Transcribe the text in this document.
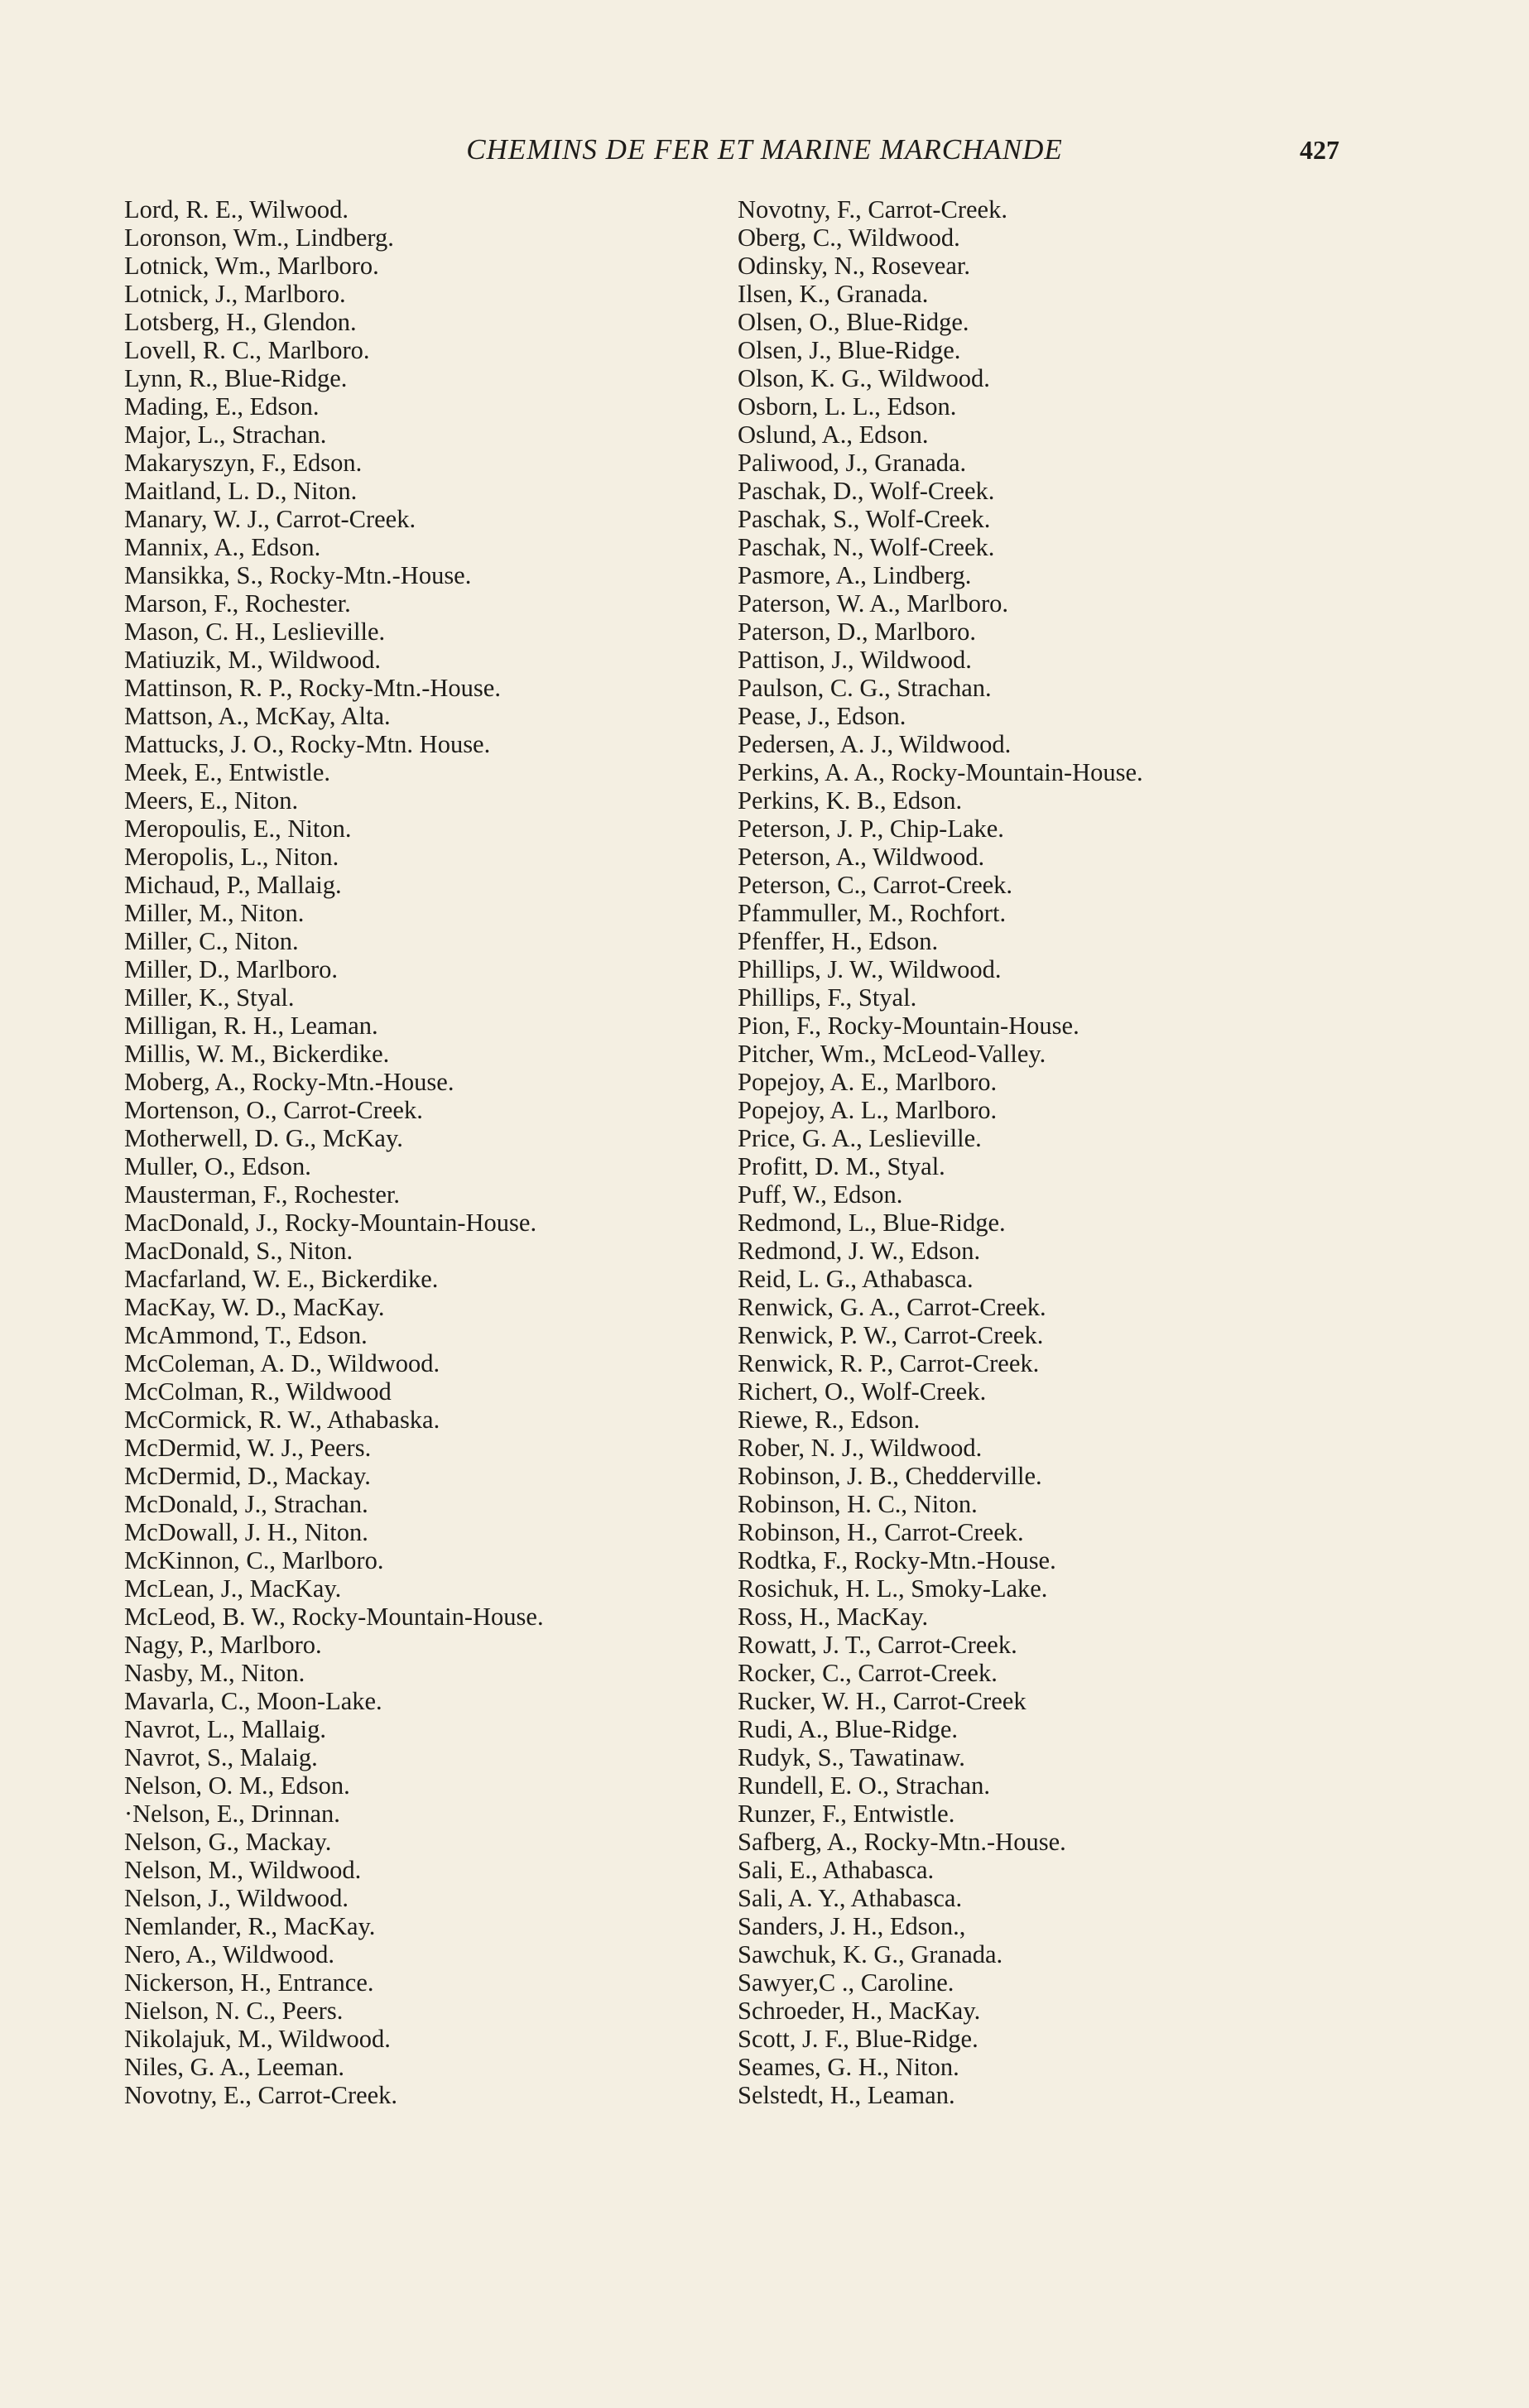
CHEMINS DE FER ET MARINE MARCHANDE	427
Lord, R. E., Wilwood.
Loronson, Wm., Lindberg.
Lotnick, Wm., Marlboro.
Lotnick, J., Marlboro.
Lotsberg, H., Glendon.
Lovell, R. C., Marlboro.
Lynn, R., Blue-Ridge.
Mading, E., Edson.
Major, L., Strachan.
Makaryszyn, F., Edson.
Maitland, L. D., Niton.
Manary, W. J., Carrot-Creek.
Mannix, A., Edson.
Mansikka, S., Rocky-Mtn.-House.
Marson, F., Rochester.
Mason, C. H., Leslieville.
Matiuzik, M., Wildwood.
Mattinson, R. P., Rocky-Mtn.-House.
Mattson, A., McKay, Alta.
Mattucks, J. O., Rocky-Mtn. House.
Meek, E., Entwistle.
Meers, E., Niton.
Meropoulis, E., Niton.
Meropolis, L., Niton.
Michaud, P., Mallaig.
Miller, M., Niton.
Miller, C., Niton.
Miller, D., Marlboro.
Miller, K., Styal.
Milligan, R. H., Leaman.
Millis, W. M., Bickerdike.
Moberg, A., Rocky-Mtn.-House.
Mortenson, O., Carrot-Creek.
Motherwell, D. G., McKay.
Muller, O., Edson.
Mausterman, F., Rochester.
MacDonald, J., Rocky-Mountain-House.
MacDonald, S., Niton.
Macfarland, W. E., Bickerdike.
MacKay, W. D., MacKay.
McAmmond, T., Edson.
McColeman, A. D., Wildwood.
McColman, R., Wildwood
McCormick, R. W., Athabaska.
McDermid, W. J., Peers.
McDermid, D., Mackay.
McDonald, J., Strachan.
McDowall, J. H., Niton.
McKinnon, C., Marlboro.
McLean, J., MacKay.
McLeod, B. W., Rocky-Mountain-House.
Nagy, P., Marlboro.
Nasby, M., Niton.
Mavarla, C., Moon-Lake.
Navrot, L., Mallaig.
Navrot, S., Malaig.
Nelson, O. M., Edson.
·Nelson, E., Drinnan.
Nelson, G., Mackay.
Nelson, M., Wildwood.
Nelson, J., Wildwood.
Nemlander, R., MacKay.
Nero, A., Wildwood.
Nickerson, H., Entrance.
Nielson, N. C., Peers.
Nikolajuk, M., Wildwood.
Niles, G. A., Leeman.
Novotny, E., Carrot-Creek.
Novotny, F., Carrot-Creek.
Oberg, C., Wildwood.
Odinsky, N., Rosevear.
Ilsen, K., Granada.
Olsen, O., Blue-Ridge.
Olsen, J., Blue-Ridge.
Olson, K. G., Wildwood.
Osborn, L. L., Edson.
Oslund, A., Edson.
Paliwood, J., Granada.
Paschak, D., Wolf-Creek.
Paschak, S., Wolf-Creek.
Paschak, N., Wolf-Creek.
Pasmore, A., Lindberg.
Paterson, W. A., Marlboro.
Paterson, D., Marlboro.
Pattison, J., Wildwood.
Paulson, C. G., Strachan.
Pease, J., Edson.
Pedersen, A. J., Wildwood.
Perkins, A. A., Rocky-Mountain-House.
Perkins, K. B., Edson.
Peterson, J. P., Chip-Lake.
Peterson, A., Wildwood.
Peterson, C., Carrot-Creek.
Pfammuller, M., Rochfort.
Pfenffer, H., Edson.
Phillips, J. W., Wildwood.
Phillips, F., Styal.
Pion, F., Rocky-Mountain-House.
Pitcher, Wm., McLeod-Valley.
Popejoy, A. E., Marlboro.
Popejoy, A. L., Marlboro.
Price, G. A., Leslieville.
Profitt, D. M., Styal.
Puff, W., Edson.
Redmond, L., Blue-Ridge.
Redmond, J. W., Edson.
Reid, L. G., Athabasca.
Renwick, G. A., Carrot-Creek.
Renwick, P. W., Carrot-Creek.
Renwick, R. P., Carrot-Creek.
Richert, O., Wolf-Creek.
Riewe, R., Edson.
Rober, N. J., Wildwood.
Robinson, J. B., Chedderville.
Robinson, H. C., Niton.
Robinson, H., Carrot-Creek.
Rodtka, F., Rocky-Mtn.-House.
Rosichuk, H. L., Smoky-Lake.
Ross, H., MacKay.
Rowatt, J. T., Carrot-Creek.
Rocker, C., Carrot-Creek.
Rucker, W. H., Carrot-Creek
Rudi, A., Blue-Ridge.
Rudyk, S., Tawatinaw.
Rundell, E. O., Strachan.
Runzer, F., Entwistle.
Safberg, A., Rocky-Mtn.-House.
Sali, E., Athabasca.
Sali, A. Y., Athabasca.
Sanders, J. H., Edson.,
Sawchuk, K. G., Granada.
Sawyer,C ., Caroline.
Schroeder, H., MacKay.
Scott, J. F., Blue-Ridge.
Seames, G. H., Niton.
Selstedt, H., Leaman.
